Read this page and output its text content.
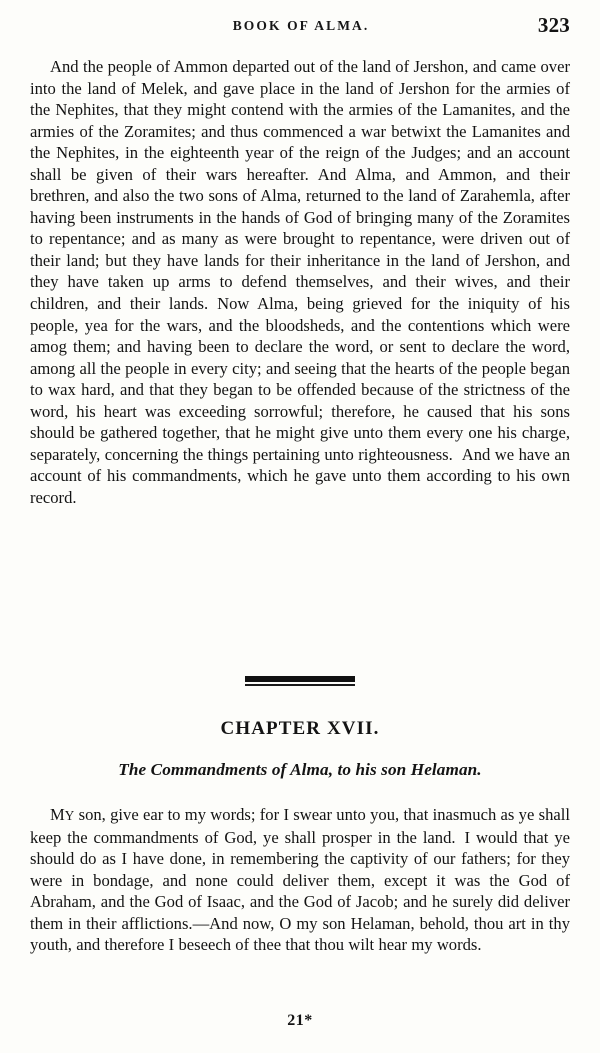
BOOK OF ALMA.	323

And the people of Ammon departed out of the land of Jershon, and came over into the land of Melek, and gave place in the land of Jershon for the armies of the Nephites, that they might contend with the armies of the Lamanites, and the armies of the Zoramites; and thus commenced a war betwixt the Lamanites and the Nephites, in the eighteenth year of the reign of the Judges; and an account shall be given of their wars hereafter. And Alma, and Ammon, and their brethren, and also the two sons of Alma, returned to the land of Zarahemla, after having been instruments in the hands of God of bringing many of the Zoramites to repentance; and as many as were brought to repentance, were driven out of their land; but they have lands for their inheritance in the land of Jershon, and they have taken up arms to defend themselves, and their wives, and their children, and their lands. Now Alma, being grieved for the iniquity of his people, yea for the wars, and the bloodsheds, and the contentions which were amog them; and having been to declare the word, or sent to declare the word, among all the people in every city; and seeing that the hearts of the people began to wax hard, and that they began to be offended because of the strictness of the word, his heart was exceeding sorrowful; therefore, he caused that his sons should be gathered together, that he might give unto them every one his charge, separately, concerning the things pertaining unto righteousness. And we have an account of his commandments, which he gave unto them according to his own record.

CHAPTER XVII.
The Commandments of Alma, to his son Helaman.

MY son, give ear to my words; for I swear unto you, that inasmuch as ye shall keep the commandments of God, ye shall prosper in the land. I would that ye should do as I have done, in remembering the captivity of our fathers; for they were in bondage, and none could deliver them, except it was the God of Abraham, and the God of Isaac, and the God of Jacob; and he surely did deliver them in their afflictions.—And now, O my son Helaman, behold, thou art in thy youth, and therefore I beseech of thee that thou wilt hear my words.

21*
